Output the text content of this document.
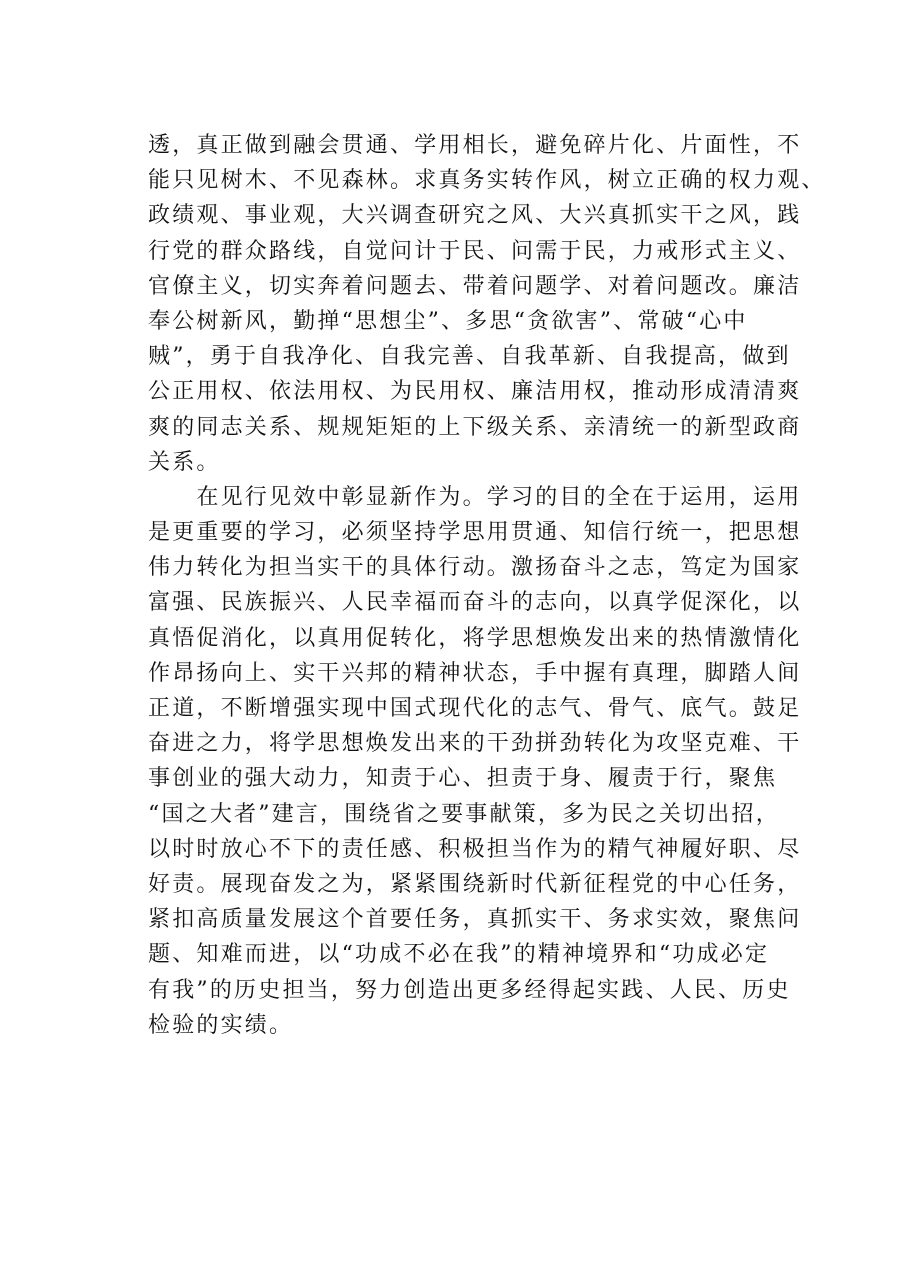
透，真正做到融会贯通、学用相长，避免碎片化、片面性，不
能只见树木、不见森林。求真务实转作风，树立正确的权力观、
政绩观、事业观，大兴调查研究之风、大兴真抓实干之风，践
行党的群众路线，自觉问计于民、问需于民，力戒形式主义、
官僚主义，切实奔着问题去、带着问题学、对着问题改。廉洁
奉公树新风，勤掸“思想尘”、多思“贪欲害”、常破“心中
贼”，勇于自我净化、自我完善、自我革新、自我提高，做到
公正用权、依法用权、为民用权、廉洁用权，推动形成清清爽
爽的同志关系、规规矩矩的上下级关系、亲清统一的新型政商
关系。
　　在见行见效中彰显新作为。学习的目的全在于运用，运用
是更重要的学习，必须坚持学思用贯通、知信行统一，把思想
伟力转化为担当实干的具体行动。激扬奋斗之志，笃定为国家
富强、民族振兴、人民幸福而奋斗的志向，以真学促深化，以
真悟促消化，以真用促转化，将学思想焕发出来的热情激情化
作昂扬向上、实干兴邦的精神状态，手中握有真理，脚踏人间
正道，不断增强实现中国式现代化的志气、骨气、底气。鼓足
奋进之力，将学思想焕发出来的干劲拼劲转化为攻坚克难、干
事创业的强大动力，知责于心、担责于身、履责于行，聚焦
“国之大者”建言，围绕省之要事献策，多为民之关切出招，
以时时放心不下的责任感、积极担当作为的精气神履好职、尽
好责。展现奋发之为，紧紧围绕新时代新征程党的中心任务，
紧扣高质量发展这个首要任务，真抓实干、务求实效，聚焦问
题、知难而进，以“功成不必在我”的精神境界和“功成必定
有我”的历史担当，努力创造出更多经得起实践、人民、历史
检验的实绩。
